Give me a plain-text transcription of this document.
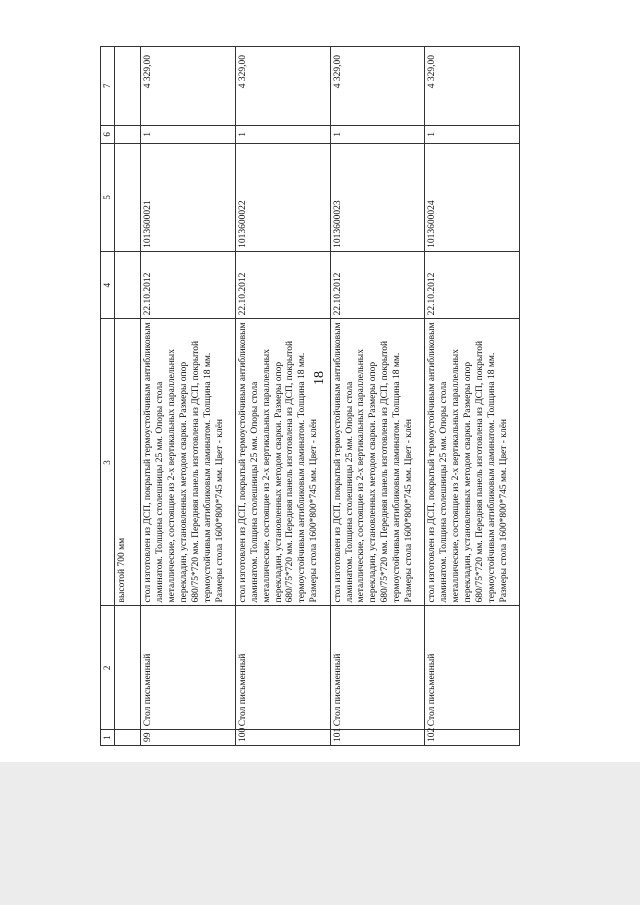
18
1	2	3	4	5	6	7
		высотой 700 мм				
99	Стол письменный	стол изготовлен из ДСП, покрытый термоустойчивым антибликовым ламинатом. Толщина столешницы 25 мм. Опоры стола металлические, состоящие из 2-х вертикальных параллельных перекладин, установленных методом сварки. Размеры опор 680/75*720 мм. Передняя панель изготовлена из ДСП, покрытой термоустойчивым антибликовым ламинатом. Толщина 18 мм. Размеры стола 1600*800*745 мм. Цвет - клён	22.10.2012	1013600021	1	4 329,00
100	Стол письменный	стол изготовлен из ДСП, покрытый термоустойчивым антибликовым ламинатом. Толщина столешницы 25 мм. Опоры стола металлические, состоящие из 2-х вертикальных параллельных перекладин, установленных методом сварки. Размеры опор 680/75*720 мм. Передняя панель изготовлена из ДСП, покрытой термоустойчивым антибликовым ламинатом. Толщина 18 мм. Размеры стола 1600*800*745 мм. Цвет - клён	22.10.2012	1013600022	1	4 329,00
101	Стол письменный	стол изготовлен из ДСП, покрытый термоустойчивым антибликовым ламинатом. Толщина столешницы 25 мм. Опоры стола металлические, состоящие из 2-х вертикальных параллельных перекладин, установленных методом сварки. Размеры опор 680/75*720 мм. Передняя панель изготовлена из ДСП, покрытой термоустойчивым антибликовым ламинатом. Толщина 18 мм. Размеры стола 1600*800*745 мм. Цвет - клён	22.10.2012	1013600023	1	4 329,00
102	Стол письменный	стол изготовлен из ДСП, покрытый термоустойчивым антибликовым ламинатом. Толщина столешницы 25 мм. Опоры стола металлические, состоящие из 2-х вертикальных параллельных перекладин, установленных методом сварки. Размеры опор 680/75*720 мм. Передняя панель изготовлена из ДСП, покрытой термоустойчивым антибликовым ламинатом. Толщина 18 мм. Размеры стола 1600*800*745 мм. Цвет - клён	22.10.2012	1013600024	1	4 329,00
